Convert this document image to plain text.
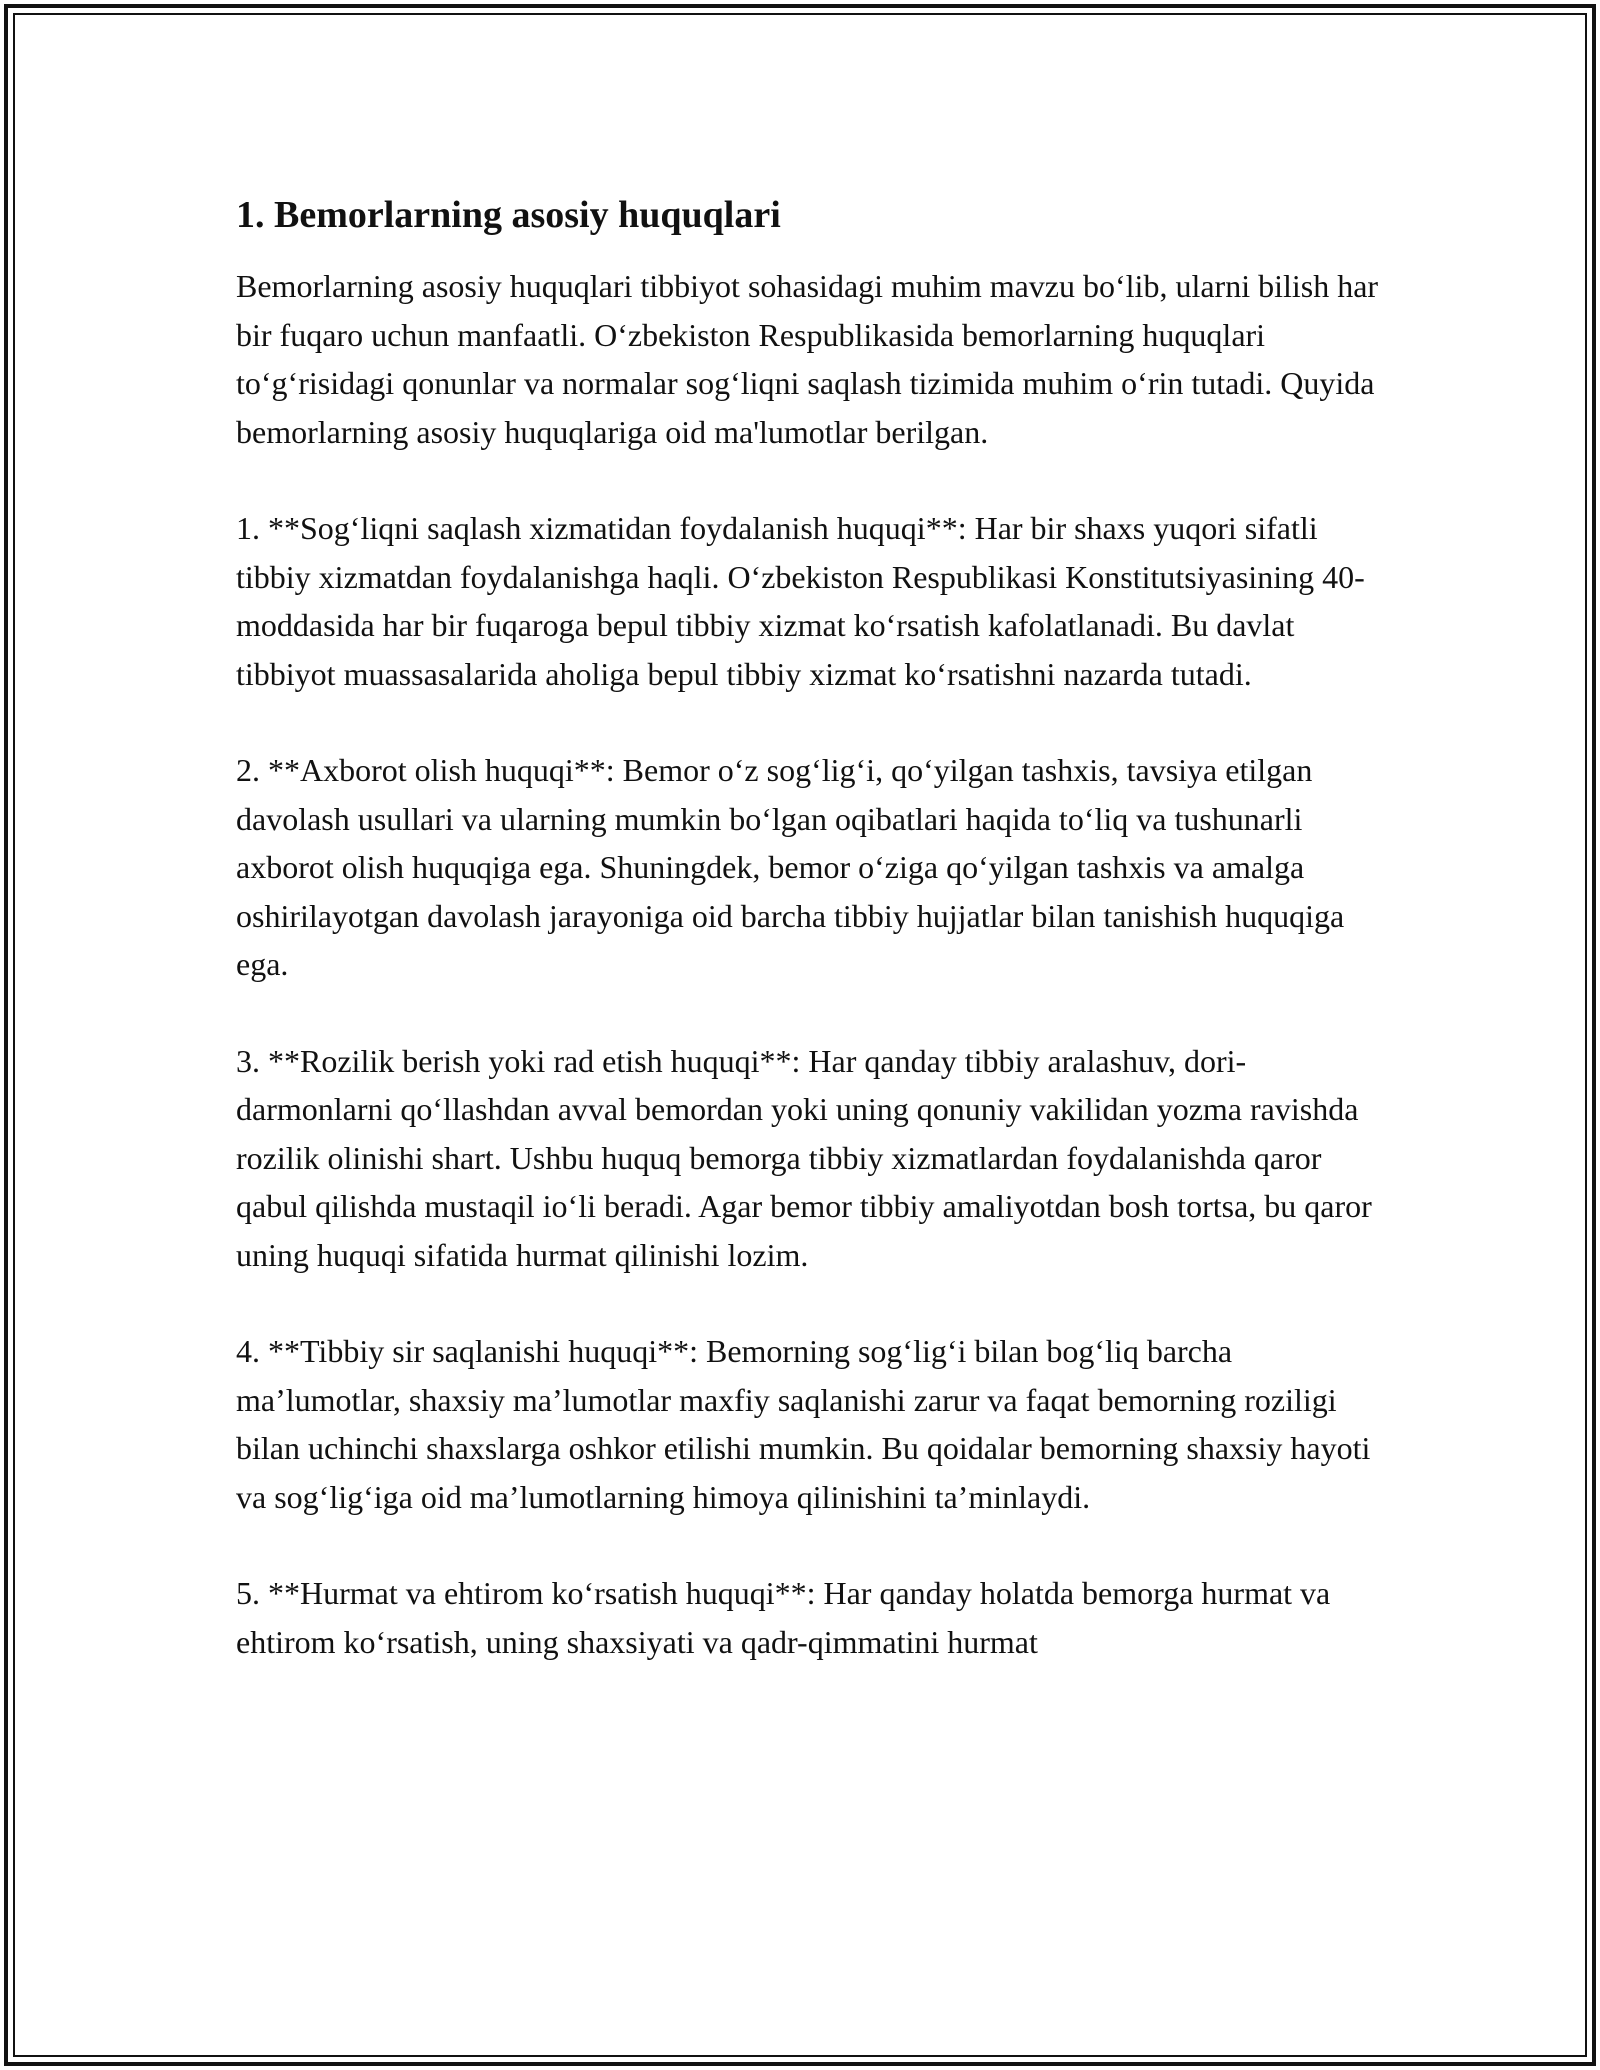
1. Bemorlarning asosiy huquqlari

Bemorlarning asosiy huquqlari tibbiyot sohasidagi muhim mavzu bo‘lib, ularni bilish har bir fuqaro uchun manfaatli. O‘zbekiston Respublikasida bemorlarning huquqlari to‘g‘risidagi qonunlar va normalar sog‘liqni saqlash tizimida muhim o‘rin tutadi. Quyida bemorlarning asosiy huquqlariga oid ma'lumotlar berilgan.

1. **Sog‘liqni saqlash xizmatidan foydalanish huquqi**: Har bir shaxs yuqori sifatli tibbiy xizmatdan foydalanishga haqli. O‘zbekiston Respublikasi Konstitutsiyasining 40-moddasida har bir fuqaroga bepul tibbiy xizmat ko‘rsatish kafolatlanadi. Bu davlat tibbiyot muassasalarida aholiga bepul tibbiy xizmat ko‘rsatishni nazarda tutadi.

2. **Axborot olish huquqi**: Bemor o‘z sog‘lig‘i, qo‘yilgan tashxis, tavsiya etilgan davolash usullari va ularning mumkin bo‘lgan oqibatlari haqida to‘liq va tushunarli axborot olish huquqiga ega. Shuningdek, bemor o‘ziga qo‘yilgan tashxis va amalga oshirilayotgan davolash jarayoniga oid barcha tibbiy hujjatlar bilan tanishish huquqiga ega.

3. **Rozilik berish yoki rad etish huquqi**: Har qanday tibbiy aralashuv, dori-darmonlarni qo‘llashdan avval bemordan yoki uning qonuniy vakilidan yozma ravishda rozilik olinishi shart. Ushbu huquq bemorga tibbiy xizmatlardan foydalanishda qaror qabul qilishda mustaqil io‘li beradi. Agar bemor tibbiy amaliyotdan bosh tortsa, bu qaror uning huquqi sifatida hurmat qilinishi lozim.

4. **Tibbiy sir saqlanishi huquqi**: Bemorning sog‘lig‘i bilan bog‘liq barcha ma’lumotlar, shaxsiy ma’lumotlar maxfiy saqlanishi zarur va faqat bemorning roziligi bilan uchinchi shaxslarga oshkor etilishi mumkin. Bu qoidalar bemorning shaxsiy hayoti va sog‘lig‘iga oid ma’lumotlarning himoya qilinishini ta’minlaydi.

5. **Hurmat va ehtirom ko‘rsatish huquqi**: Har qanday holatda bemorga hurmat va ehtirom ko‘rsatish, uning shaxsiyati va qadr-qimmatini hurmat
